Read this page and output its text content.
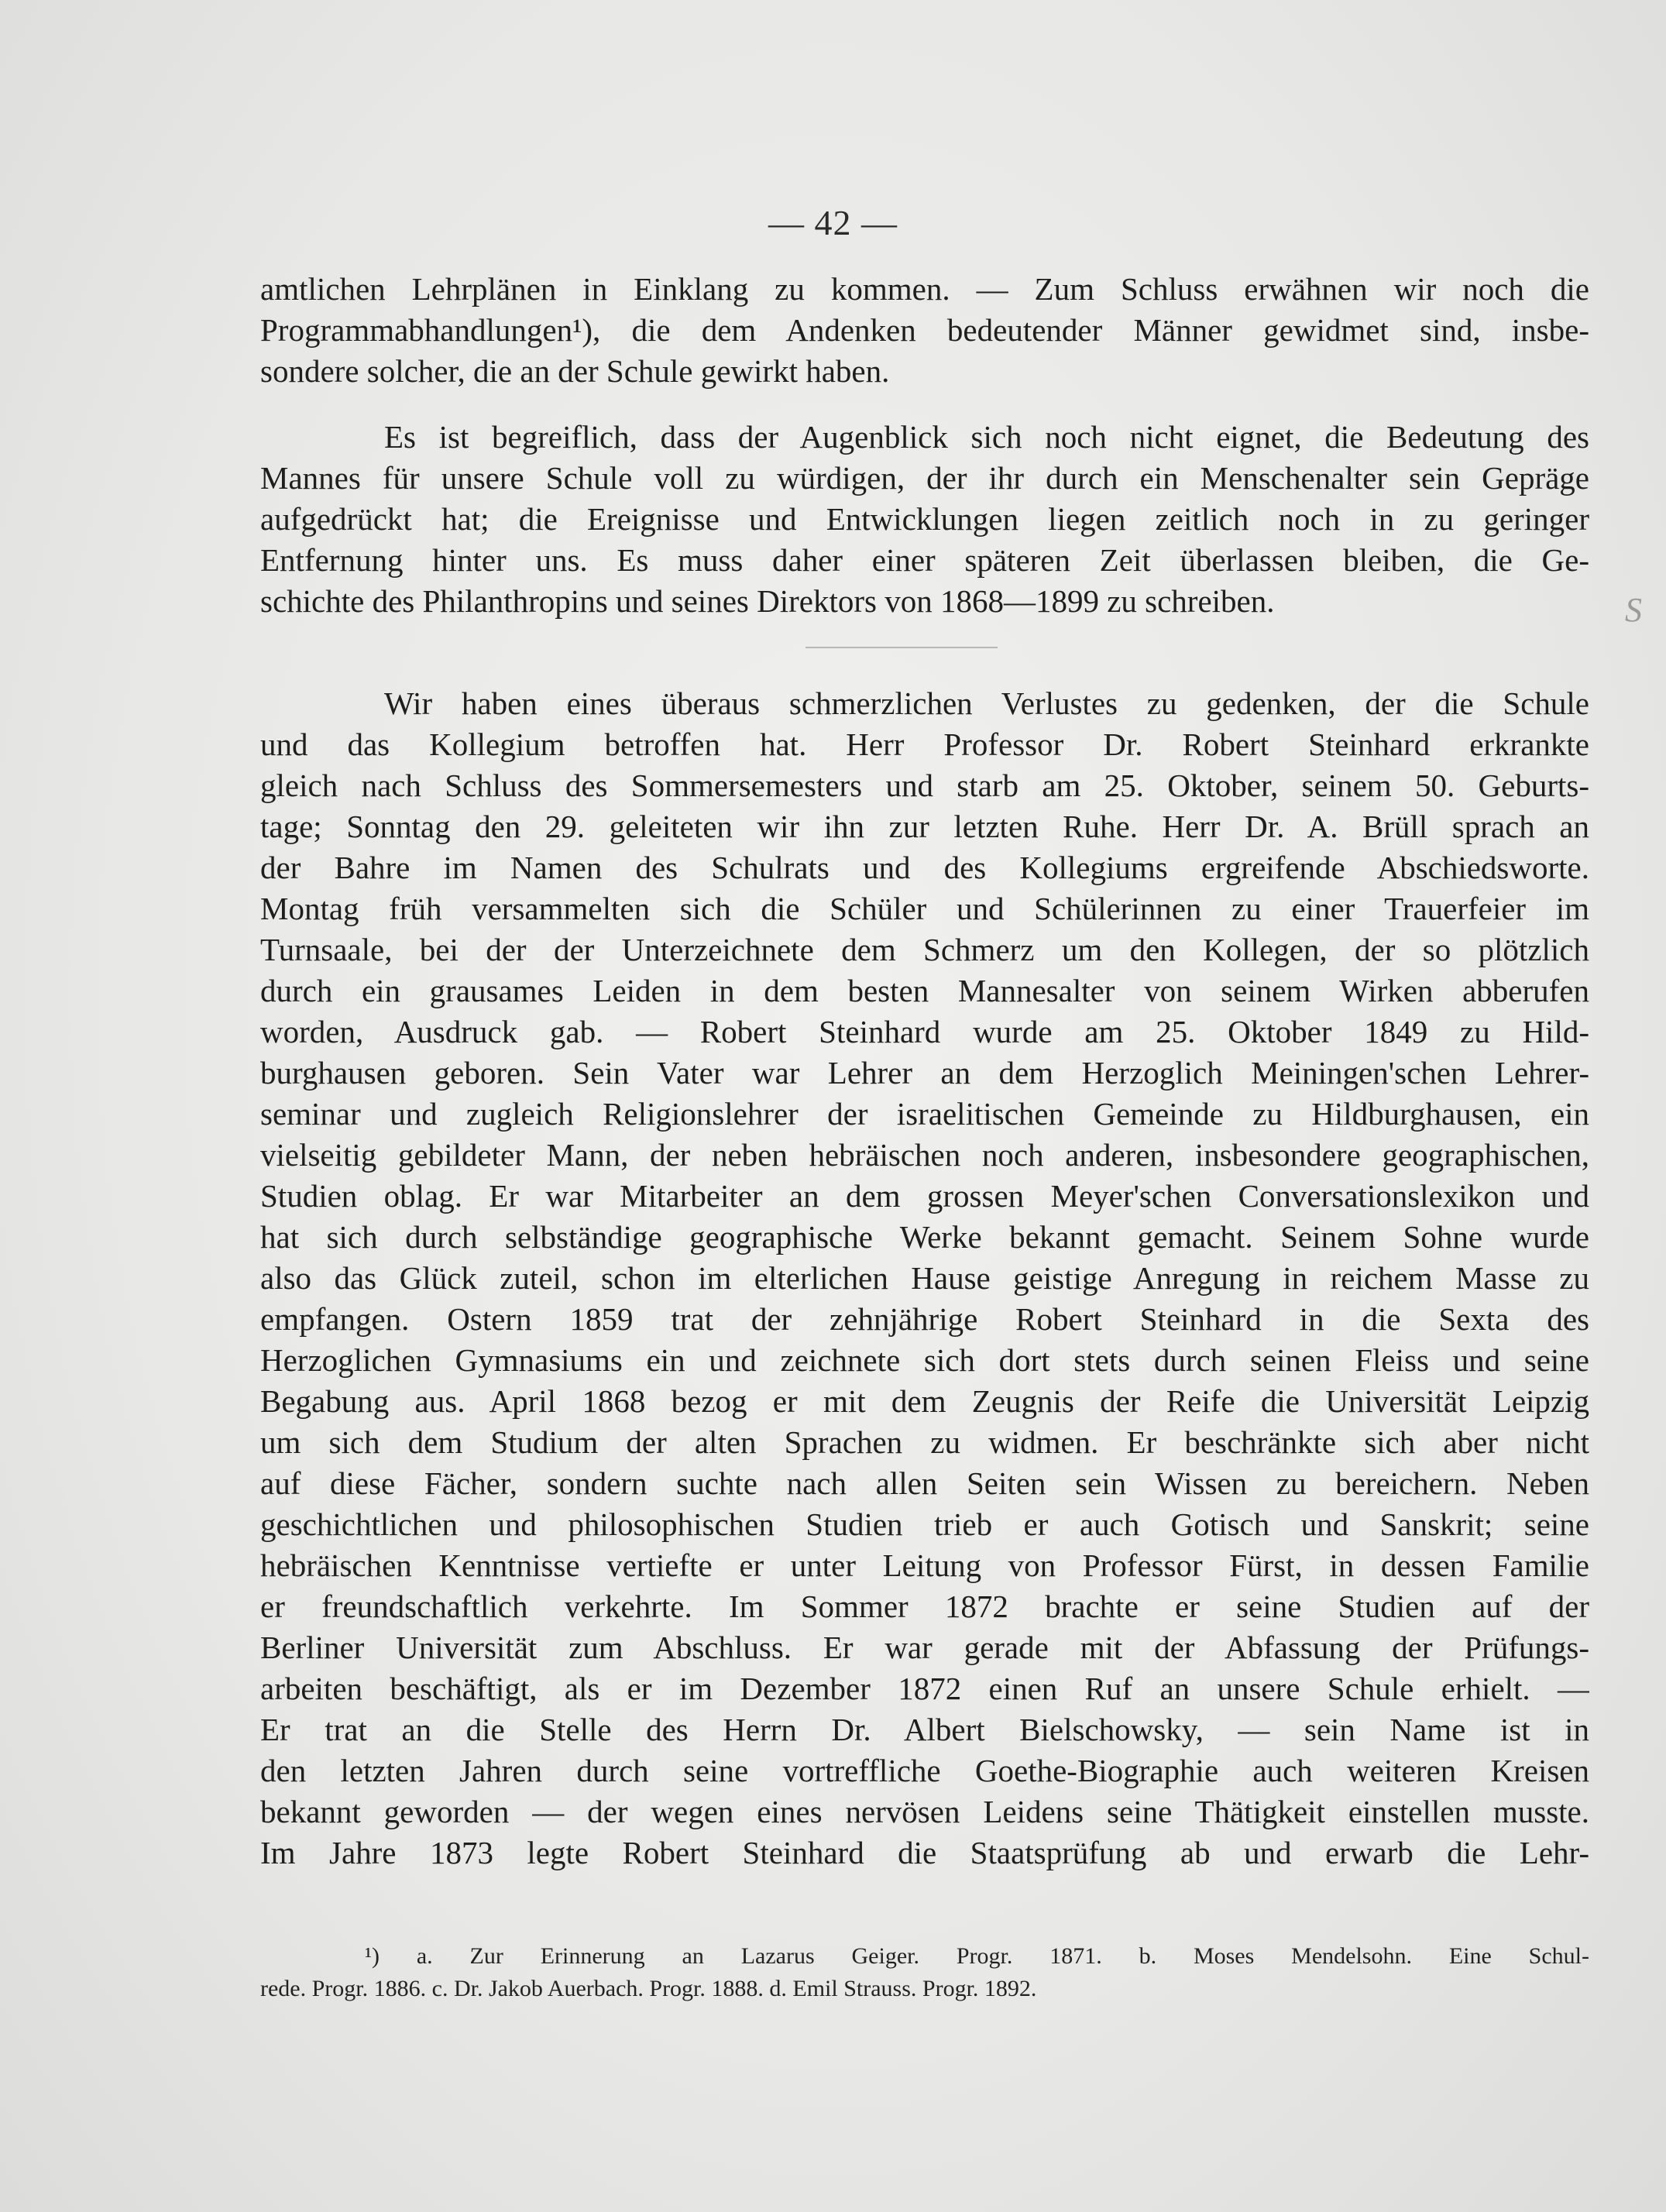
— 42 —
amtlichen Lehrplänen in Einklang zu kommen. — Zum Schluss erwähnen wir noch die
Programmabhandlungen¹), die dem Andenken bedeutender Männer gewidmet sind, insbe-
sondere solcher, die an der Schule gewirkt haben.
Es ist begreiflich, dass der Augenblick sich noch nicht eignet, die Bedeutung des
Mannes für unsere Schule voll zu würdigen, der ihr durch ein Menschenalter sein Gepräge
aufgedrückt hat; die Ereignisse und Entwicklungen liegen zeitlich noch in zu geringer
Entfernung hinter uns. Es muss daher einer späteren Zeit überlassen bleiben, die Ge-
schichte des Philanthropins und seines Direktors von 1868—1899 zu schreiben.	S
Wir haben eines überaus schmerzlichen Verlustes zu gedenken, der die Schule
und das Kollegium betroffen hat. Herr Professor Dr. Robert Steinhard erkrankte
gleich nach Schluss des Sommersemesters und starb am 25. Oktober, seinem 50. Geburts-
tage; Sonntag den 29. geleiteten wir ihn zur letzten Ruhe. Herr Dr. A. Brüll sprach an
der Bahre im Namen des Schulrats und des Kollegiums ergreifende Abschiedsworte.
Montag früh versammelten sich die Schüler und Schülerinnen zu einer Trauerfeier im
Turnsaale, bei der der Unterzeichnete dem Schmerz um den Kollegen, der so plötzlich
durch ein grausames Leiden in dem besten Mannesalter von seinem Wirken abberufen
worden, Ausdruck gab. — Robert Steinhard wurde am 25. Oktober 1849 zu Hild-
burghausen geboren. Sein Vater war Lehrer an dem Herzoglich Meiningen'schen Lehrer-
seminar und zugleich Religionslehrer der israelitischen Gemeinde zu Hildburghausen, ein
vielseitig gebildeter Mann, der neben hebräischen noch anderen, insbesondere geographischen,
Studien oblag. Er war Mitarbeiter an dem grossen Meyer'schen Conversationslexikon und
hat sich durch selbständige geographische Werke bekannt gemacht. Seinem Sohne wurde
also das Glück zuteil, schon im elterlichen Hause geistige Anregung in reichem Masse zu
empfangen. Ostern 1859 trat der zehnjährige Robert Steinhard in die Sexta des
Herzoglichen Gymnasiums ein und zeichnete sich dort stets durch seinen Fleiss und seine
Begabung aus. April 1868 bezog er mit dem Zeugnis der Reife die Universität Leipzig
um sich dem Studium der alten Sprachen zu widmen. Er beschränkte sich aber nicht
auf diese Fächer, sondern suchte nach allen Seiten sein Wissen zu bereichern. Neben
geschichtlichen und philosophischen Studien trieb er auch Gotisch und Sanskrit; seine
hebräischen Kenntnisse vertiefte er unter Leitung von Professor Fürst, in dessen Familie
er freundschaftlich verkehrte. Im Sommer 1872 brachte er seine Studien auf der
Berliner Universität zum Abschluss. Er war gerade mit der Abfassung der Prüfungs-
arbeiten beschäftigt, als er im Dezember 1872 einen Ruf an unsere Schule erhielt. —
Er trat an die Stelle des Herrn Dr. Albert Bielschowsky, — sein Name ist in
den letzten Jahren durch seine vortreffliche Goethe-Biographie auch weiteren Kreisen
bekannt geworden — der wegen eines nervösen Leidens seine Thätigkeit einstellen musste.
Im Jahre 1873 legte Robert Steinhard die Staatsprüfung ab und erwarb die Lehr-
¹) a. Zur Erinnerung an Lazarus Geiger. Progr. 1871. b. Moses Mendelsohn. Eine Schul-
rede. Progr. 1886. c. Dr. Jakob Auerbach. Progr. 1888. d. Emil Strauss. Progr. 1892.
